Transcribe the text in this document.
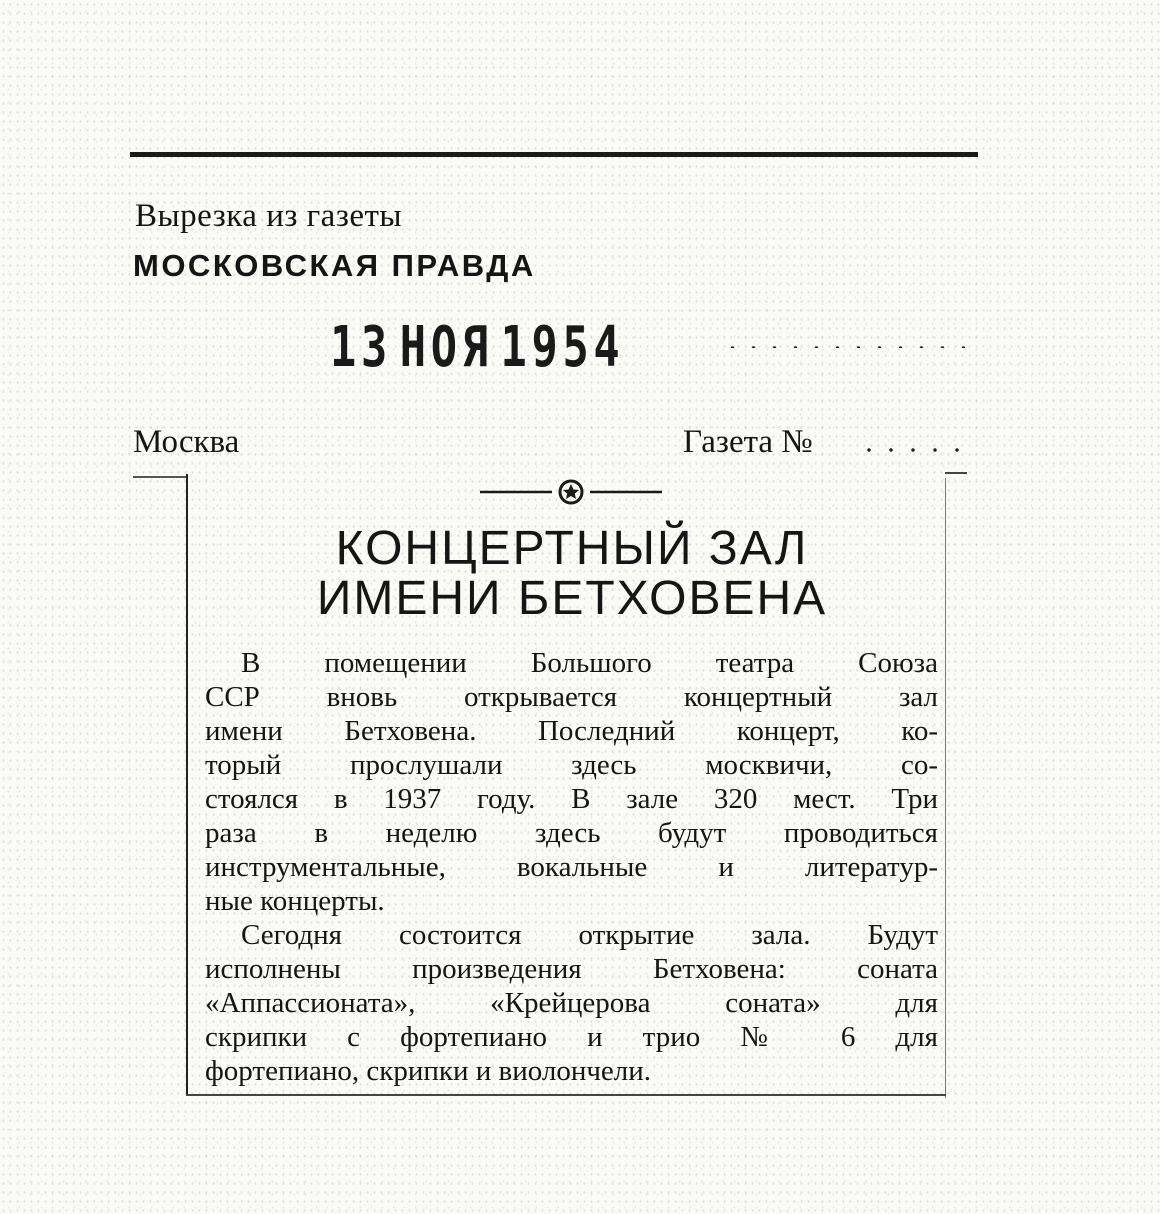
Вырезка из газеты
МОСКОВСКАЯ ПРАВДА
13 НОЯ 1954
Москва	Газета №
КОНЦЕРТНЫЙ ЗАЛ
ИМЕНИ БЕТХОВЕНА
В помещении Большого театра Союза
ССР вновь открывается концертный зал
имени Бетховена. Последний концерт, ко-
торый прослушали здесь москвичи, со-
стоялся в 1937 году. В зале 320 мест. Три
раза в неделю здесь будут проводиться
инструментальные, вокальные и литератур-
ные концерты.
Сегодня состоится открытие зала. Будут
исполнены произведения Бетховена: соната
«Аппассионата», «Крейцерова соната» для
скрипки с фортепиано и трио № 6 для
фортепиано, скрипки и виолончели.
